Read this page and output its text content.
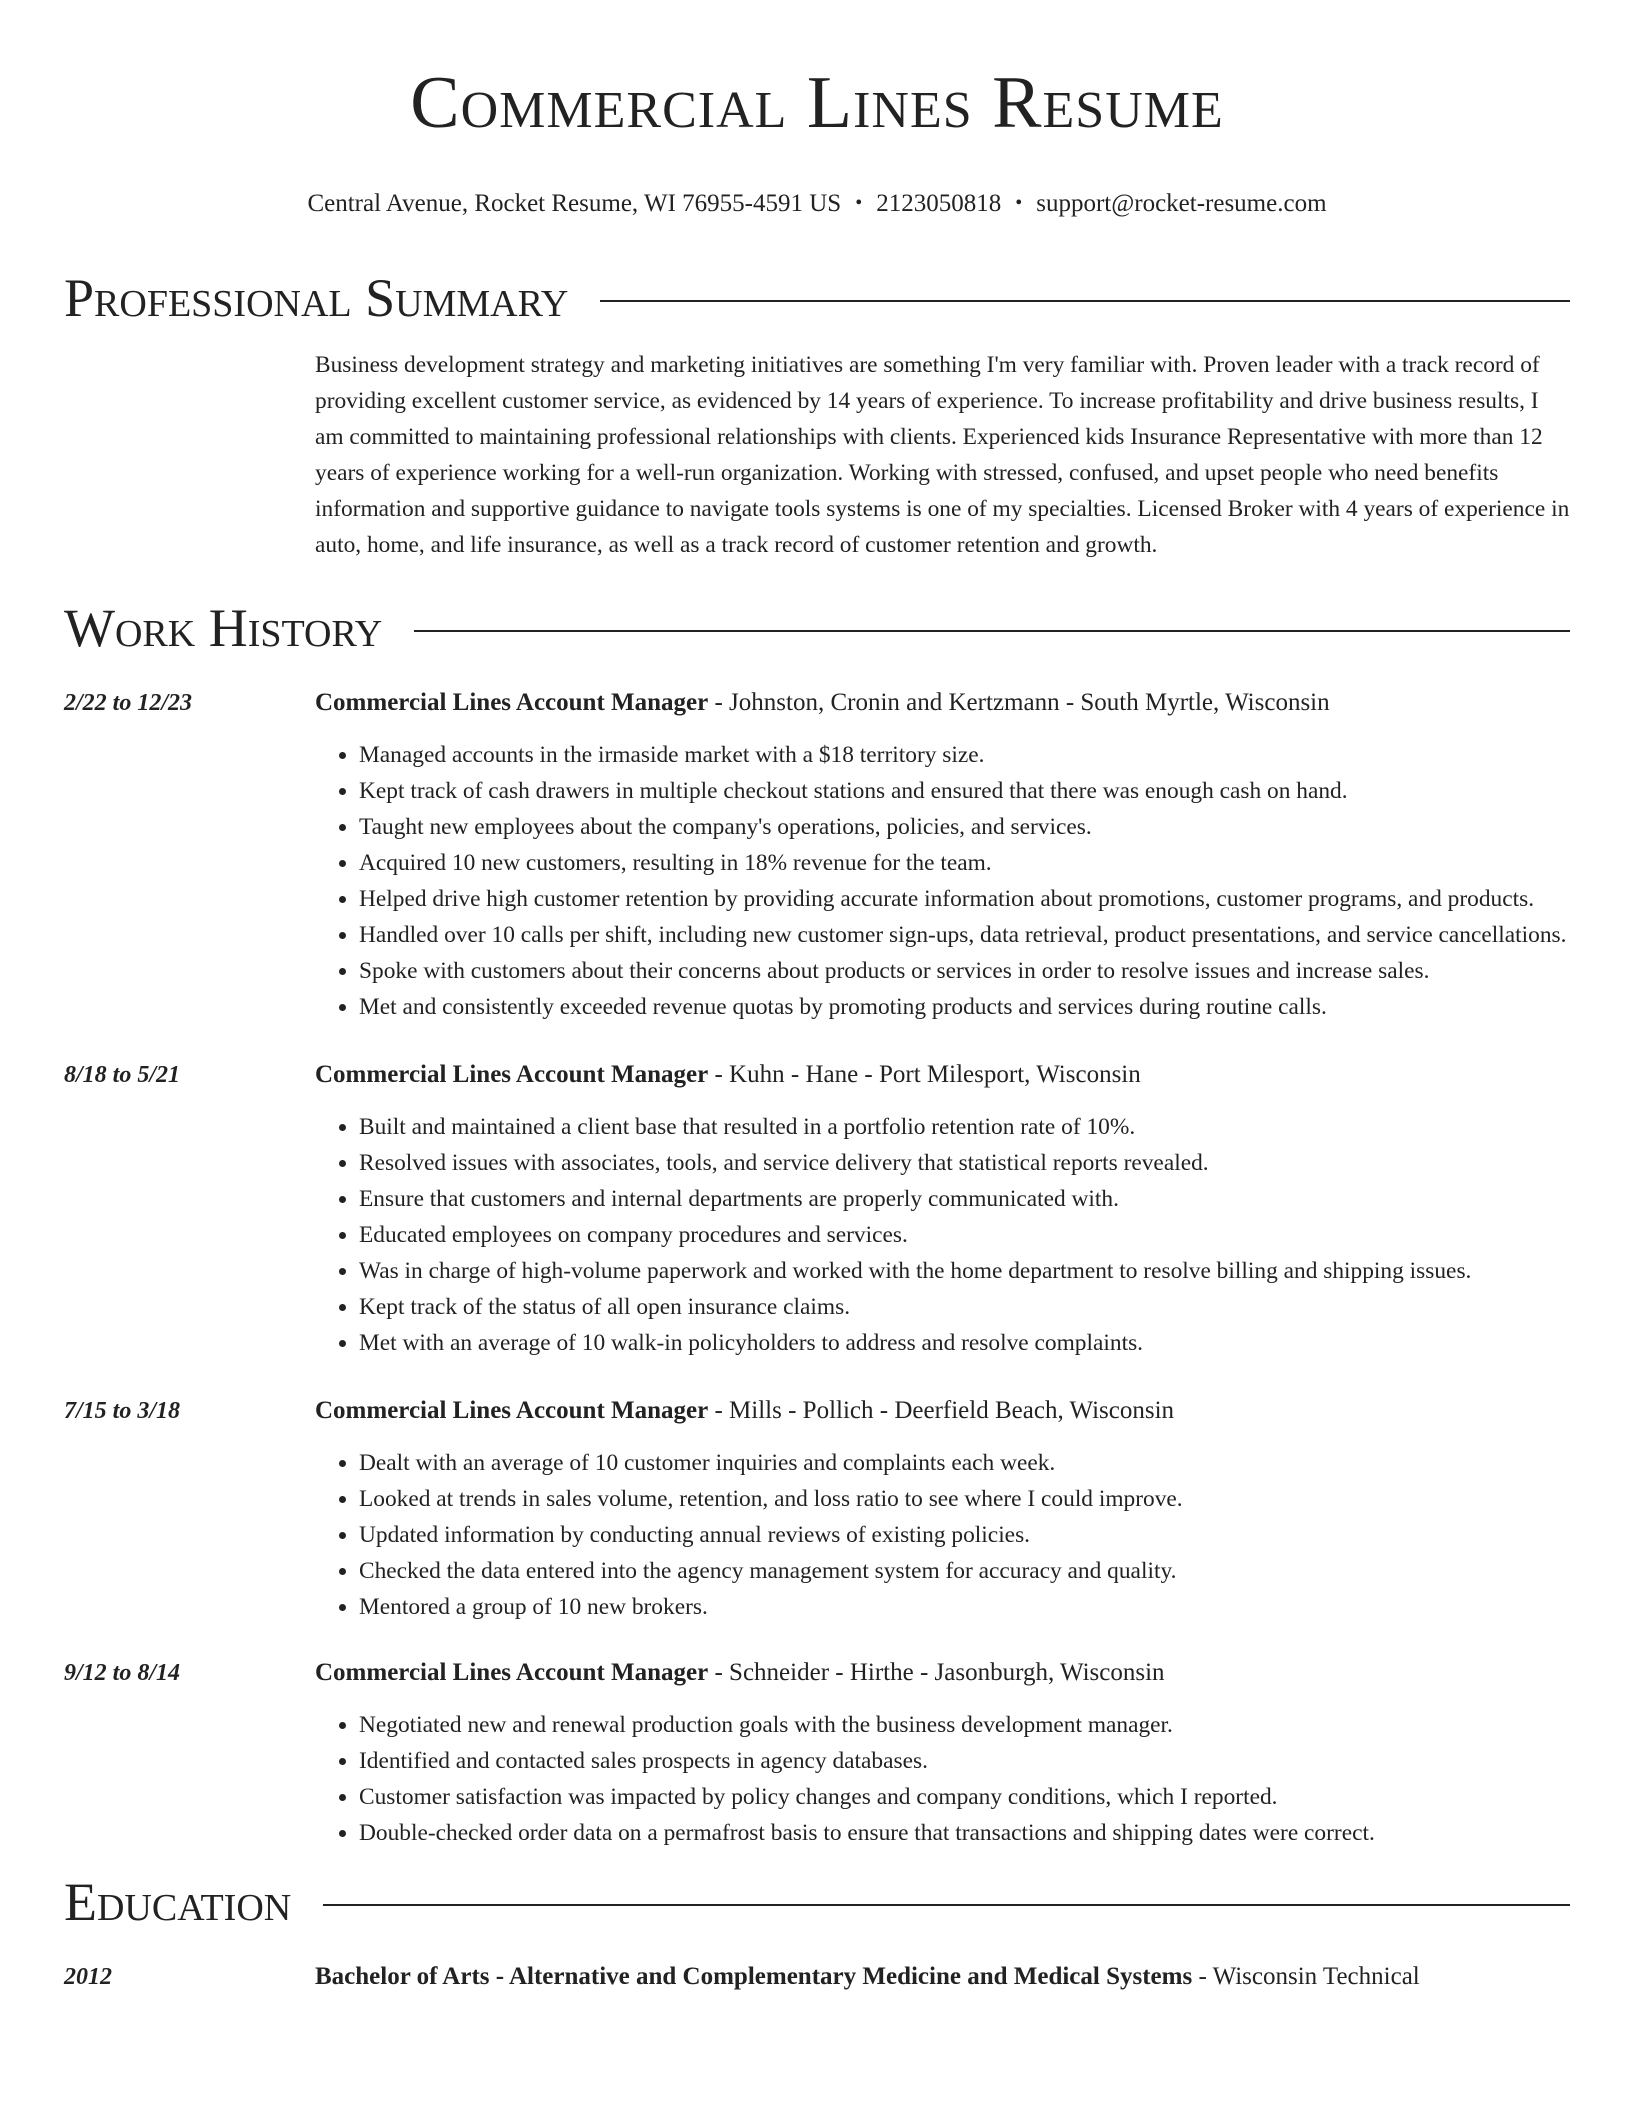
Commercial Lines Resume
Central Avenue, Rocket Resume, WI 76955-4591 US • 2123050818 • support@rocket-resume.com
Professional Summary

Business development strategy and marketing initiatives are something I'm very familiar with. Proven leader with a track record of providing excellent customer service, as evidenced by 14 years of experience. To increase profitability and drive business results, I am committed to maintaining professional relationships with clients. Experienced kids Insurance Representative with more than 12 years of experience working for a well-run organization. Working with stressed, confused, and upset people who need benefits information and supportive guidance to navigate tools systems is one of my specialties. Licensed Broker with 4 years of experience in auto, home, and life insurance, as well as a track record of customer retention and growth.

Work History
2/22 to 12/23	Commercial Lines Account Manager - Johnston, Cronin and Kertzmann - South Myrtle, Wisconsin
• Managed accounts in the irmaside market with a $18 territory size.
• Kept track of cash drawers in multiple checkout stations and ensured that there was enough cash on hand.
• Taught new employees about the company's operations, policies, and services.
• Acquired 10 new customers, resulting in 18% revenue for the team.
• Helped drive high customer retention by providing accurate information about promotions, customer programs, and products.
• Handled over 10 calls per shift, including new customer sign-ups, data retrieval, product presentations, and service cancellations.
• Spoke with customers about their concerns about products or services in order to resolve issues and increase sales.
• Met and consistently exceeded revenue quotas by promoting products and services during routine calls.
8/18 to 5/21	Commercial Lines Account Manager - Kuhn - Hane - Port Milesport, Wisconsin
• Built and maintained a client base that resulted in a portfolio retention rate of 10%.
• Resolved issues with associates, tools, and service delivery that statistical reports revealed.
• Ensure that customers and internal departments are properly communicated with.
• Educated employees on company procedures and services.
• Was in charge of high-volume paperwork and worked with the home department to resolve billing and shipping issues.
• Kept track of the status of all open insurance claims.
• Met with an average of 10 walk-in policyholders to address and resolve complaints.
7/15 to 3/18	Commercial Lines Account Manager - Mills - Pollich - Deerfield Beach, Wisconsin
• Dealt with an average of 10 customer inquiries and complaints each week.
• Looked at trends in sales volume, retention, and loss ratio to see where I could improve.
• Updated information by conducting annual reviews of existing policies.
• Checked the data entered into the agency management system for accuracy and quality.
• Mentored a group of 10 new brokers.
9/12 to 8/14	Commercial Lines Account Manager - Schneider - Hirthe - Jasonburgh, Wisconsin
• Negotiated new and renewal production goals with the business development manager.
• Identified and contacted sales prospects in agency databases.
• Customer satisfaction was impacted by policy changes and company conditions, which I reported.
• Double-checked order data on a permafrost basis to ensure that transactions and shipping dates were correct.
Education
2012	Bachelor of Arts - Alternative and Complementary Medicine and Medical Systems - Wisconsin Technical
